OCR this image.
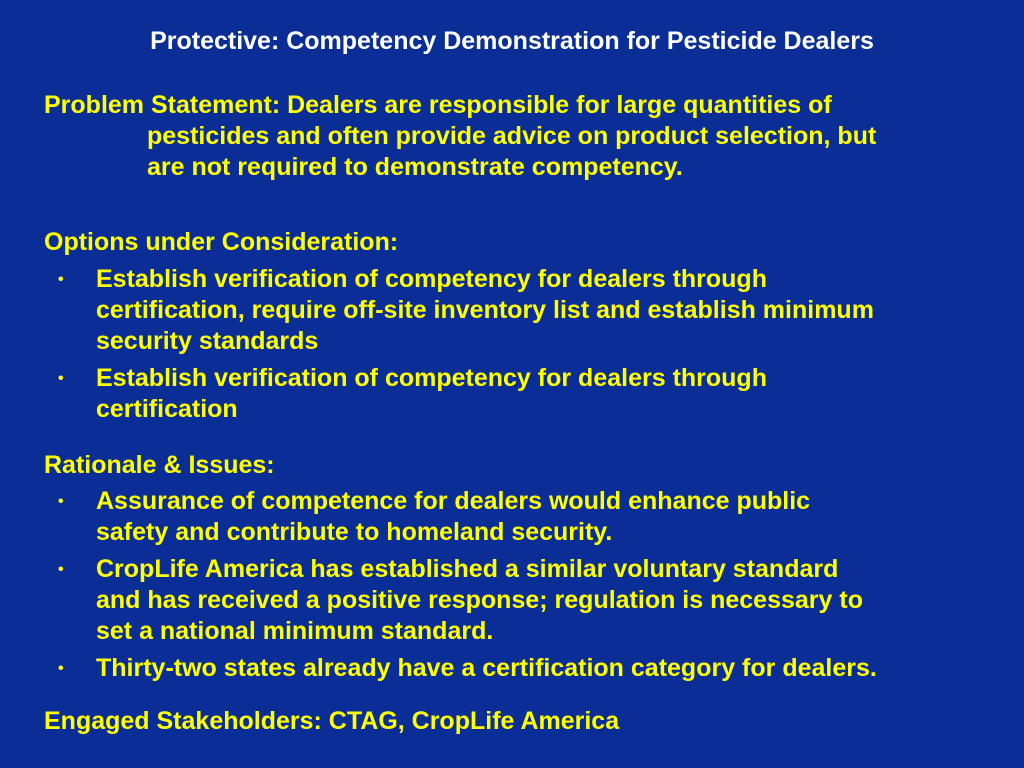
Protective: Competency Demonstration for Pesticide Dealers
Problem Statement: Dealers are responsible for large quantities of
pesticides and often provide advice on product selection, but
are not required to demonstrate competency.
Options under Consideration:
• Establish verification of competency for dealers through
certification, require off-site inventory list and establish minimum
security standards
• Establish verification of competency for dealers through
certification
Rationale & Issues:
• Assurance of competence for dealers would enhance public
safety and contribute to homeland security.
• CropLife America has established a similar voluntary standard
and has received a positive response; regulation is necessary to
set a national minimum standard.
• Thirty-two states already have a certification category for dealers.
Engaged Stakeholders: CTAG, CropLife America
